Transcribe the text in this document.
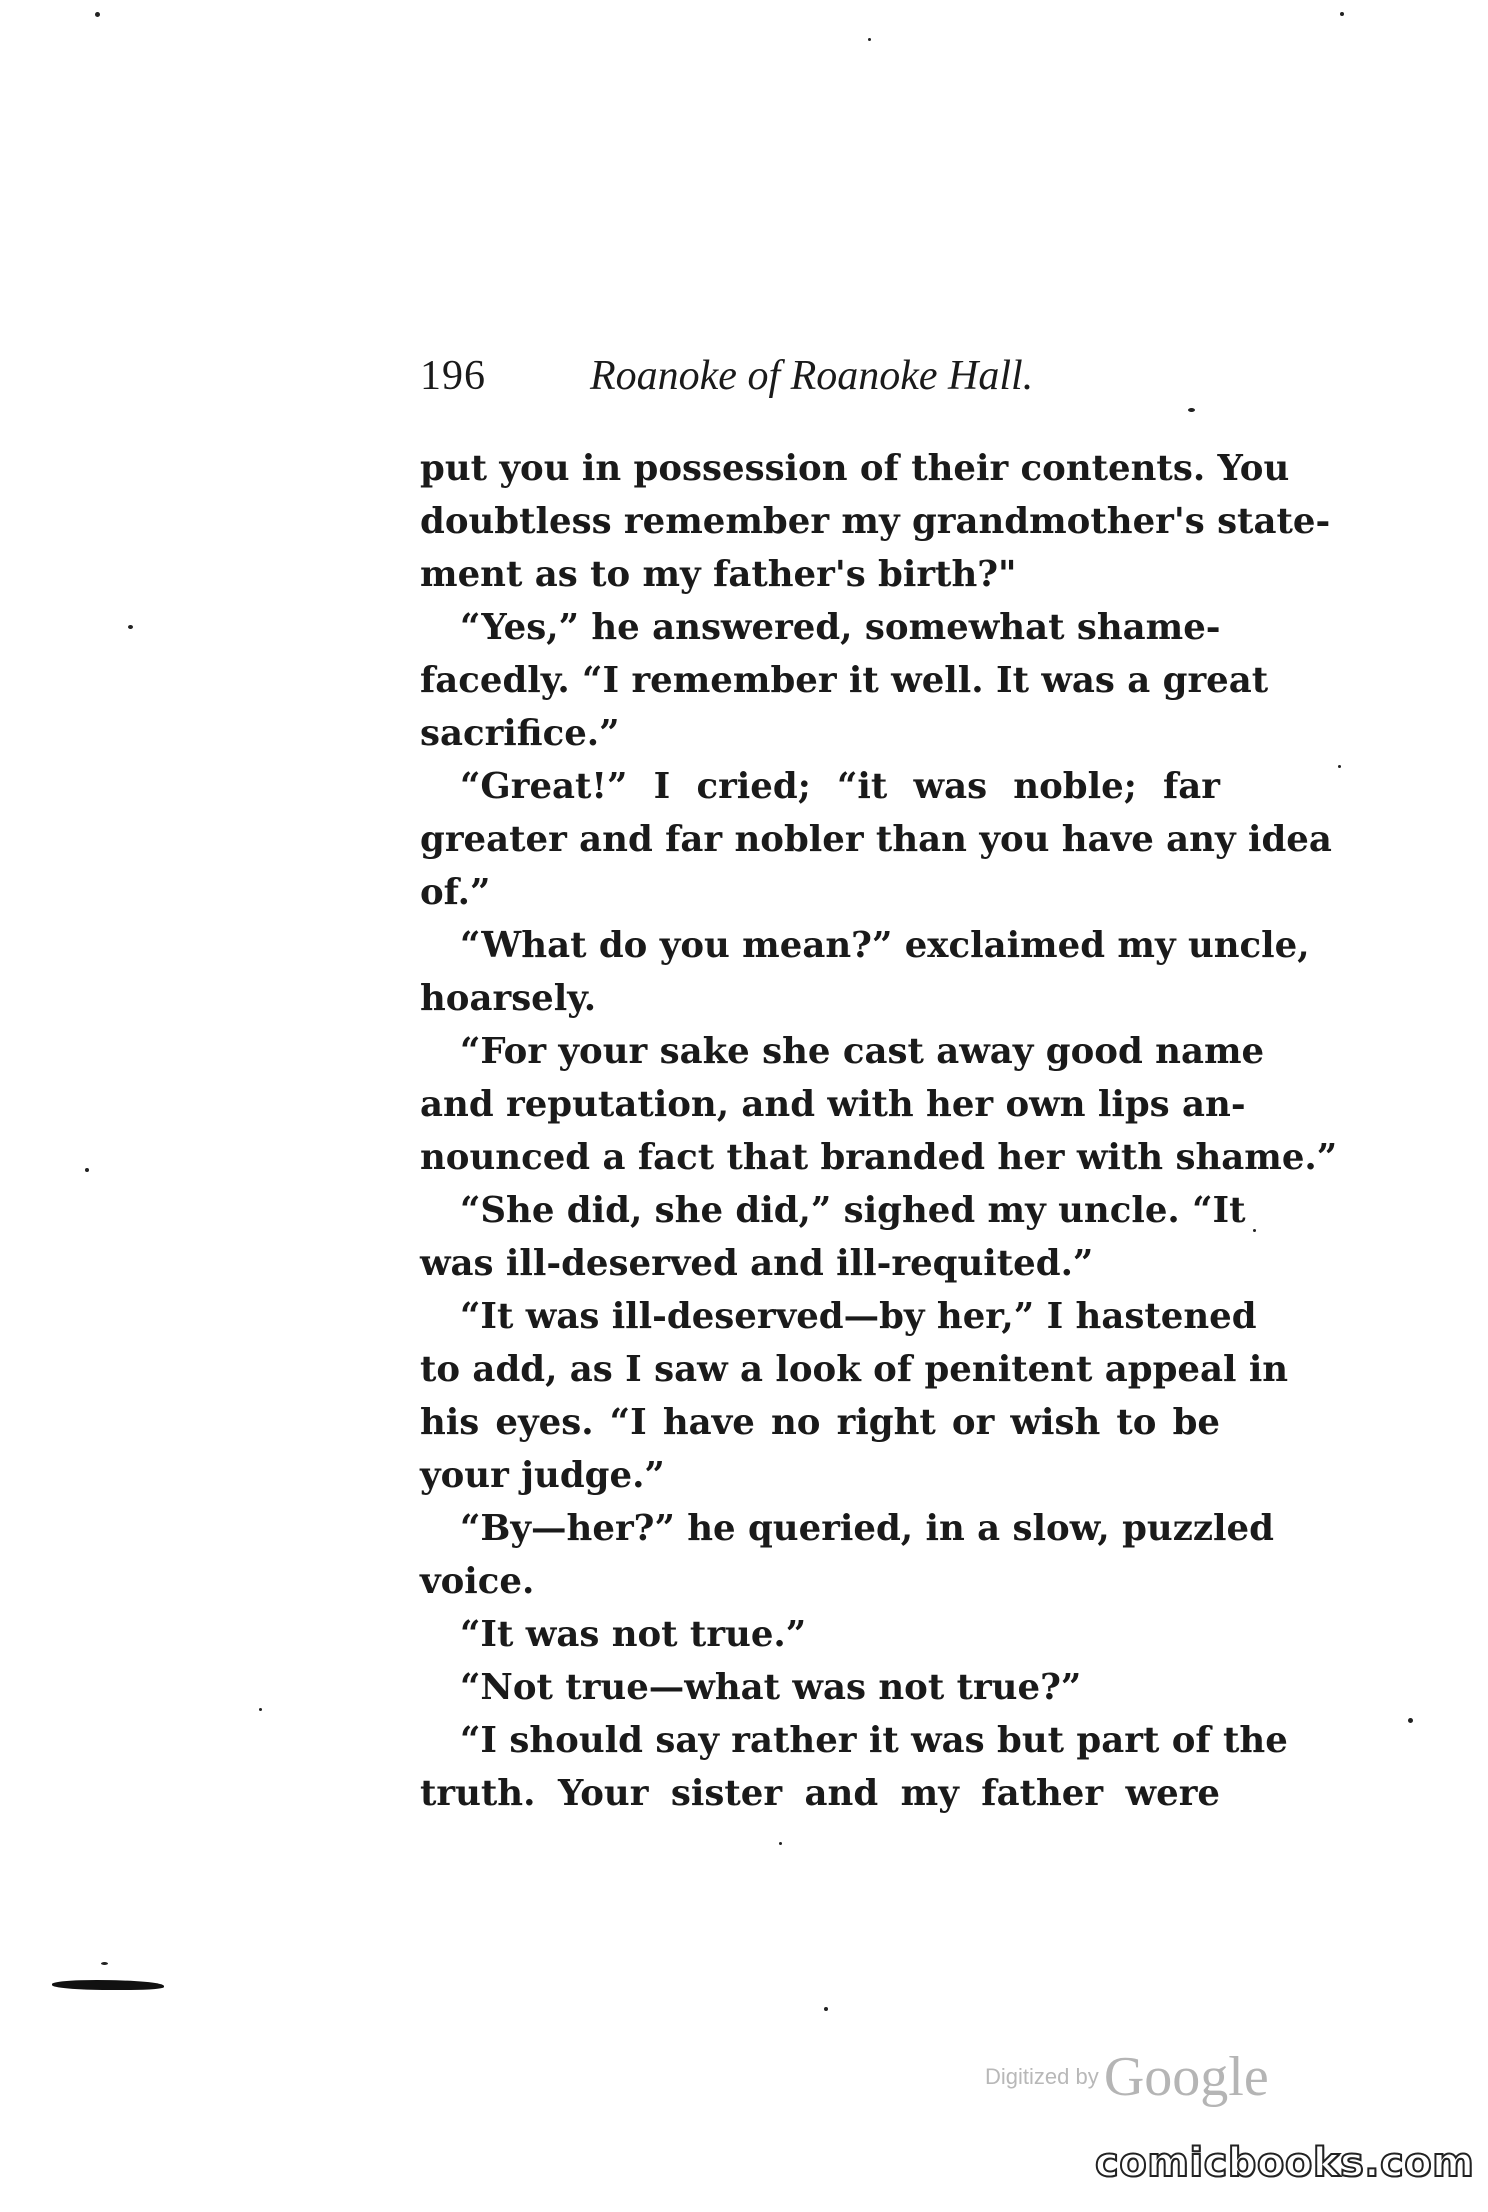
196 Roanoke of Roanoke Hall.
put you in possession of their contents. You
doubtless remember my grandmother's state-
ment as to my father's birth?"
“Yes,” he answered, somewhat shame-
facedly. “I remember it well. It was a great
sacrifice.”
“Great!” I cried; “it was noble; far
greater and far nobler than you have any idea
of.”
“What do you mean?” exclaimed my uncle,
hoarsely.
“For your sake she cast away good name
and reputation, and with her own lips an-
nounced a fact that branded her with shame.”
“She did, she did,” sighed my uncle. “It
was ill-deserved and ill-requited.”
“It was ill-deserved—by her,” I hastened
to add, as I saw a look of penitent appeal in
his eyes. “I have no right or wish to be
your judge.”
“By—her?” he queried, in a slow, puzzled
voice.
“It was not true.”
“Not true—what was not true?”
“I should say rather it was but part of the
truth. Your sister and my father were
Digitized by Google
comicbooks.com
